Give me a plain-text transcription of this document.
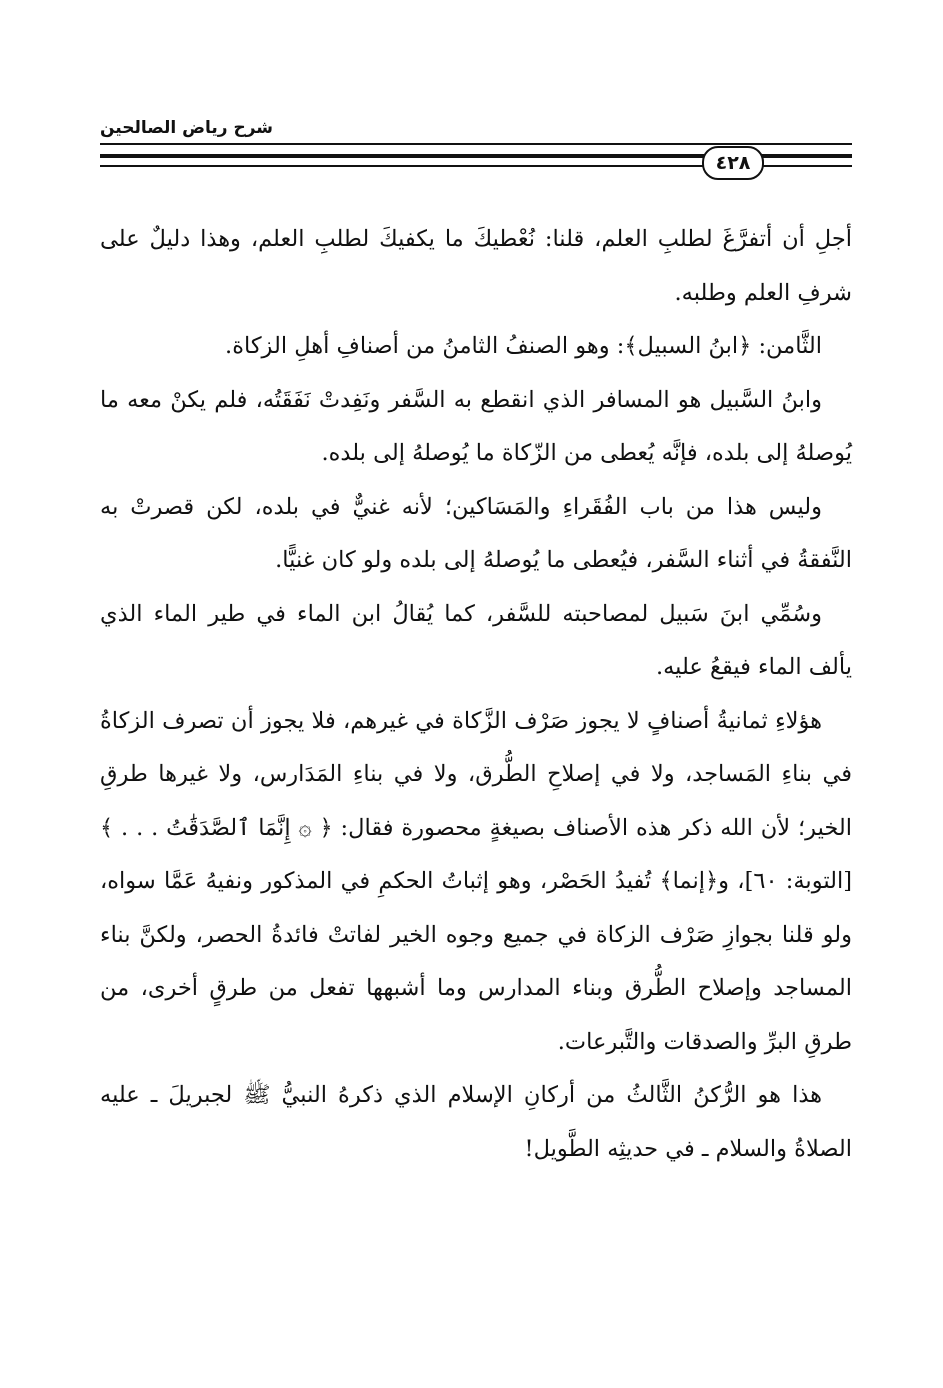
شرح رياض الصالحين
٤٢٨

أجلِ أن أتفرَّغَ لطلبِ العلم، قلنا: نُعْطيكَ ما يكفيكَ لطلبِ العلم، وهذا دليلٌ على شرفِ العلم وطلبه.

الثَّامن: ﴿ابنُ السبيل﴾: وهو الصنفُ الثامنُ من أصنافِ أهلِ الزكاة.

وابنُ السَّبيل هو المسافر الذي انقطع به السَّفر ونَفِدتْ نَفَقَتُه، فلم يكنْ معه ما يُوصلهُ إلى بلده، فإنَّه يُعطى من الزّكاة ما يُوصلهُ إلى بلده.

وليس هذا من باب الفُقَراءِ والمَسَاكين؛ لأنه غنيٌّ في بلده، لكن قصرتْ به النَّفقةُ في أثناء السَّفر، فيُعطى ما يُوصلهُ إلى بلده ولو كان غنيًّا.

وسُمِّي ابنَ سَبيل لمصاحبته للسَّفر، كما يُقالُ ابن الماء في طير الماء الذي يألف الماء فيقعُ عليه.

هؤلاءِ ثمانيةُ أصنافٍ لا يجوز صَرْف الزَّكاة في غيرهم، فلا يجوز أن تصرف الزكاةُ في بناءِ المَساجد، ولا في إصلاحِ الطُّرق، ولا في بناءِ المَدَارس، ولا غيرها طرقِ الخير؛ لأن الله ذكر هذه الأصناف بصيغةٍ محصورة فقال: ﴿ ۞ إِنَّمَا ٱلصَّدَقَٰتُ . . . ﴾ [التوبة: ٦٠]، و﴿إنما﴾ تُفيدُ الحَصْر، وهو إثباتُ الحكمِ في المذكور ونفيهُ عَمَّا سواه، ولو قلنا بجوازِ صَرْف الزكاة في جميع وجوه الخير لفاتتْ فائدةُ الحصر، ولكنَّ بناء المساجد وإصلاح الطُّرق وبناء المدارس وما أشبهها تفعل من طرقٍ أخرى، من طرقِ البرِّ والصدقات والتَّبرعات.

هذا هو الرُّكنُ الثَّالثُ من أركانِ الإسلام الذي ذكرهُ النبيُّ ﷺ لجبريلَ ـ عليه الصلاةُ والسلام ـ في حديثِه الطَّويل!
